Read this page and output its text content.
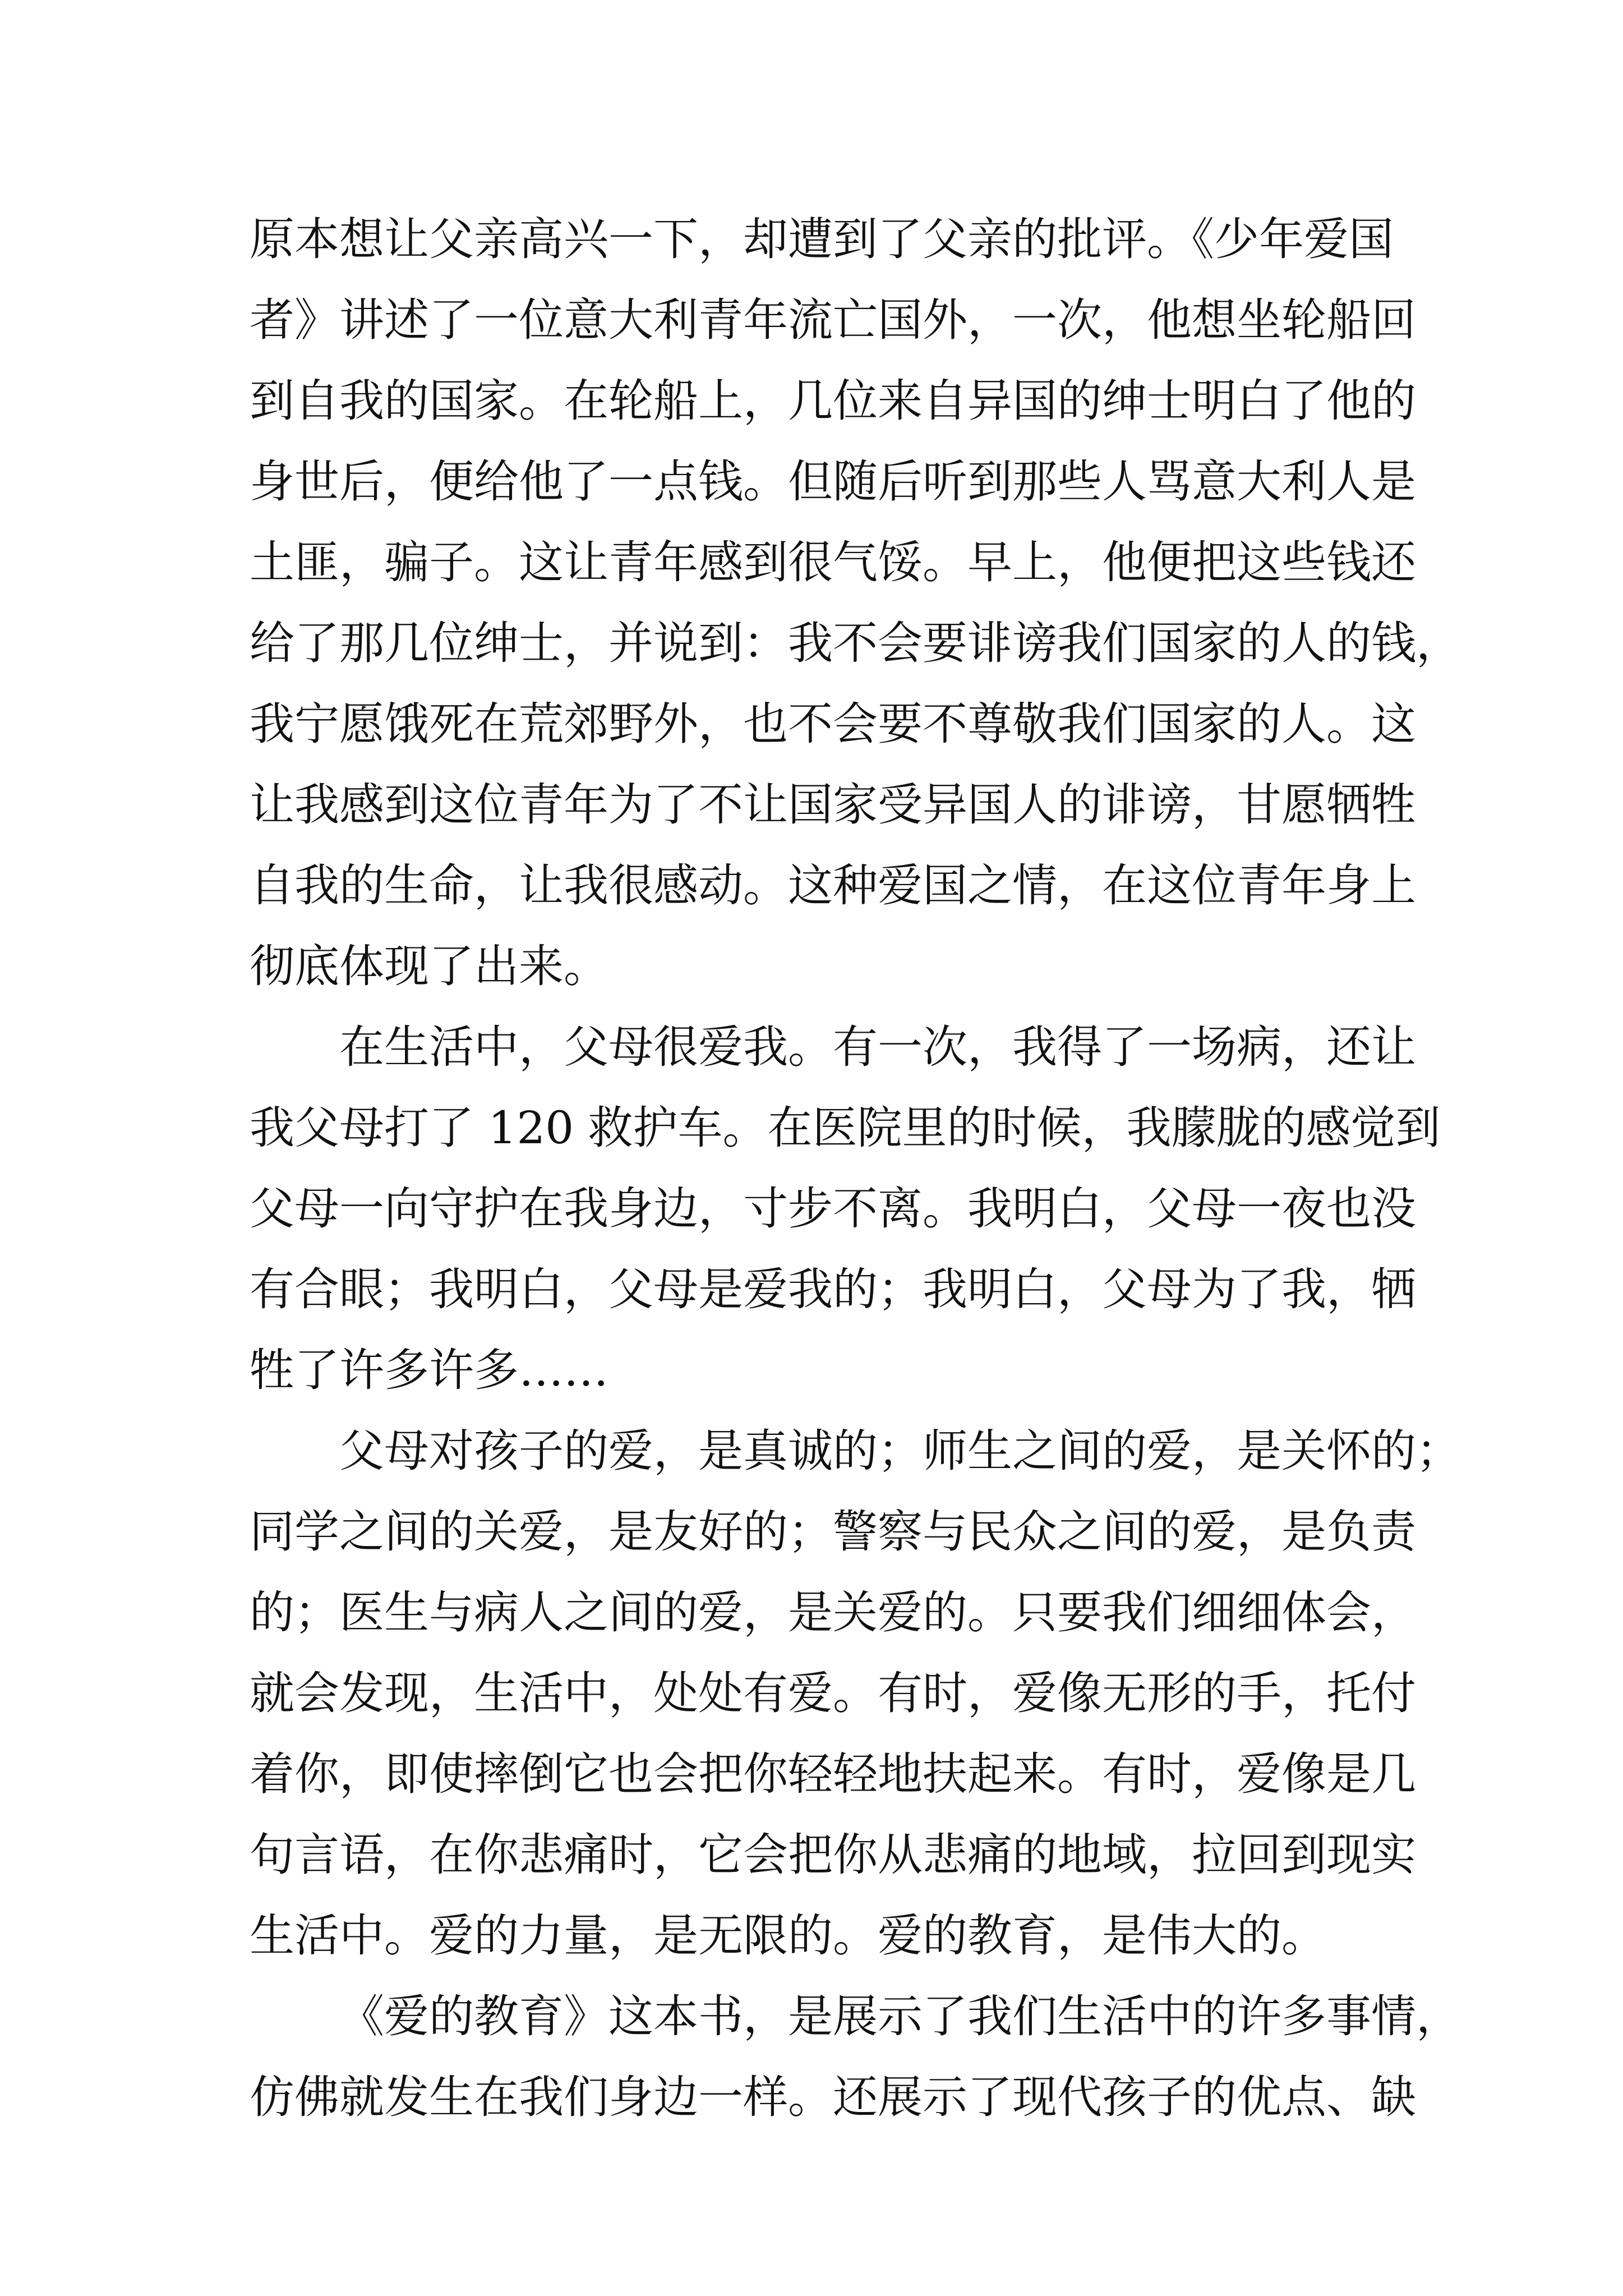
原本想让父亲高兴一下，却遭到了父亲的批评。《少年爱国
者》讲述了一位意大利青年流亡国外，一次，他想坐轮船回
到自我的国家。在轮船上，几位来自异国的绅士明白了他的
身世后，便给他了一点钱。但随后听到那些人骂意大利人是
土匪，骗子。这让青年感到很气馁。早上，他便把这些钱还
给了那几位绅士，并说到：我不会要诽谤我们国家的人的钱，
我宁愿饿死在荒郊野外，也不会要不尊敬我们国家的人。这
让我感到这位青年为了不让国家受异国人的诽谤，甘愿牺牲
自我的生命，让我很感动。这种爱国之情，在这位青年身上
彻底体现了出来。
在生活中，父母很爱我。有一次，我得了一场病，还让
我父母打了 120 救护车。在医院里的时候，我朦胧的感觉到
父母一向守护在我身边，寸步不离。我明白，父母一夜也没
有合眼；我明白，父母是爱我的；我明白，父母为了我，牺
牲了许多许多……
父母对孩子的爱，是真诚的；师生之间的爱，是关怀的；
同学之间的关爱，是友好的；警察与民众之间的爱，是负责
的；医生与病人之间的爱，是关爱的。只要我们细细体会，
就会发现，生活中，处处有爱。有时，爱像无形的手，托付
着你，即使摔倒它也会把你轻轻地扶起来。有时，爱像是几
句言语，在你悲痛时，它会把你从悲痛的地域，拉回到现实
生活中。爱的力量，是无限的。爱的教育，是伟大的。
《爱的教育》这本书，是展示了我们生活中的许多事情，
仿佛就发生在我们身边一样。还展示了现代孩子的优点、缺
